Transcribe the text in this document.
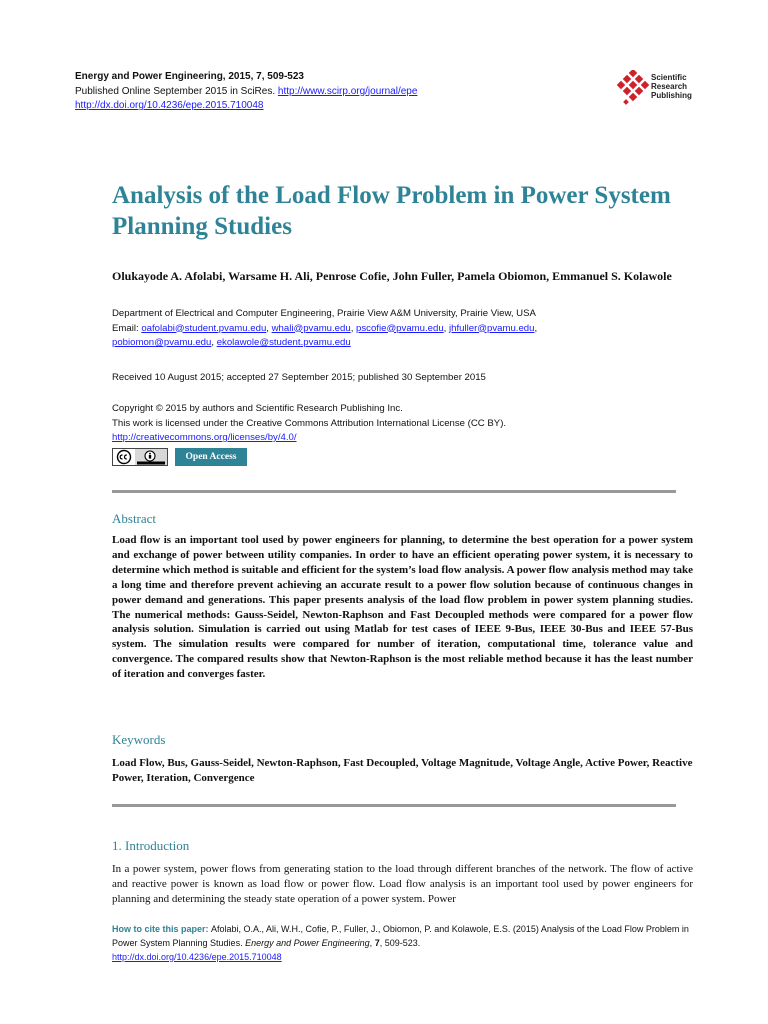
Energy and Power Engineering, 2015, 7, 509-523
Published Online September 2015 in SciRes. http://www.scirp.org/journal/epe
http://dx.doi.org/10.4236/epe.2015.710048
Scientific
Research
Publishing
Analysis of the Load Flow Problem in Power System Planning Studies
Olukayode A. Afolabi, Warsame H. Ali, Penrose Cofie, John Fuller, Pamela Obiomon, Emmanuel S. Kolawole
Department of Electrical and Computer Engineering, Prairie View A&M University, Prairie View, USA
Email: oafolabi@student.pvamu.edu, whali@pvamu.edu, pscofie@pvamu.edu, jhfuller@pvamu.edu,
pobiomon@pvamu.edu, ekolawole@student.pvamu.edu
Received 10 August 2015; accepted 27 September 2015; published 30 September 2015
Copyright © 2015 by authors and Scientific Research Publishing Inc.
This work is licensed under the Creative Commons Attribution International License (CC BY).
http://creativecommons.org/licenses/by/4.0/
Open Access
Abstract
Load flow is an important tool used by power engineers for planning, to determine the best operation for a power system and exchange of power between utility companies. In order to have an efficient operating power system, it is necessary to determine which method is suitable and efficient for the system’s load flow analysis. A power flow analysis method may take a long time and therefore prevent achieving an accurate result to a power flow solution because of continuous changes in power demand and generations. This paper presents analysis of the load flow problem in power system planning studies. The numerical methods: Gauss-Seidel, Newton-Raphson and Fast Decoupled methods were compared for a power flow analysis solution. Simulation is carried out using Matlab for test cases of IEEE 9-Bus, IEEE 30-Bus and IEEE 57-Bus system. The simulation results were compared for number of iteration, computational time, tolerance value and convergence. The compared results show that Newton-Raphson is the most reliable method because it has the least number of iteration and converges faster.
Keywords
Load Flow, Bus, Gauss-Seidel, Newton-Raphson, Fast Decoupled, Voltage Magnitude, Voltage Angle, Active Power, Reactive Power, Iteration, Convergence
1. Introduction
In a power system, power flows from generating station to the load through different branches of the network. The flow of active and reactive power is known as load flow or power flow. Load flow analysis is an important tool used by power engineers for planning and determining the steady state operation of a power system. Power
How to cite this paper: Afolabi, O.A., Ali, W.H., Cofie, P., Fuller, J., Obiomon, P. and Kolawole, E.S. (2015) Analysis of the Load Flow Problem in Power System Planning Studies. Energy and Power Engineering, 7, 509-523.
http://dx.doi.org/10.4236/epe.2015.710048
